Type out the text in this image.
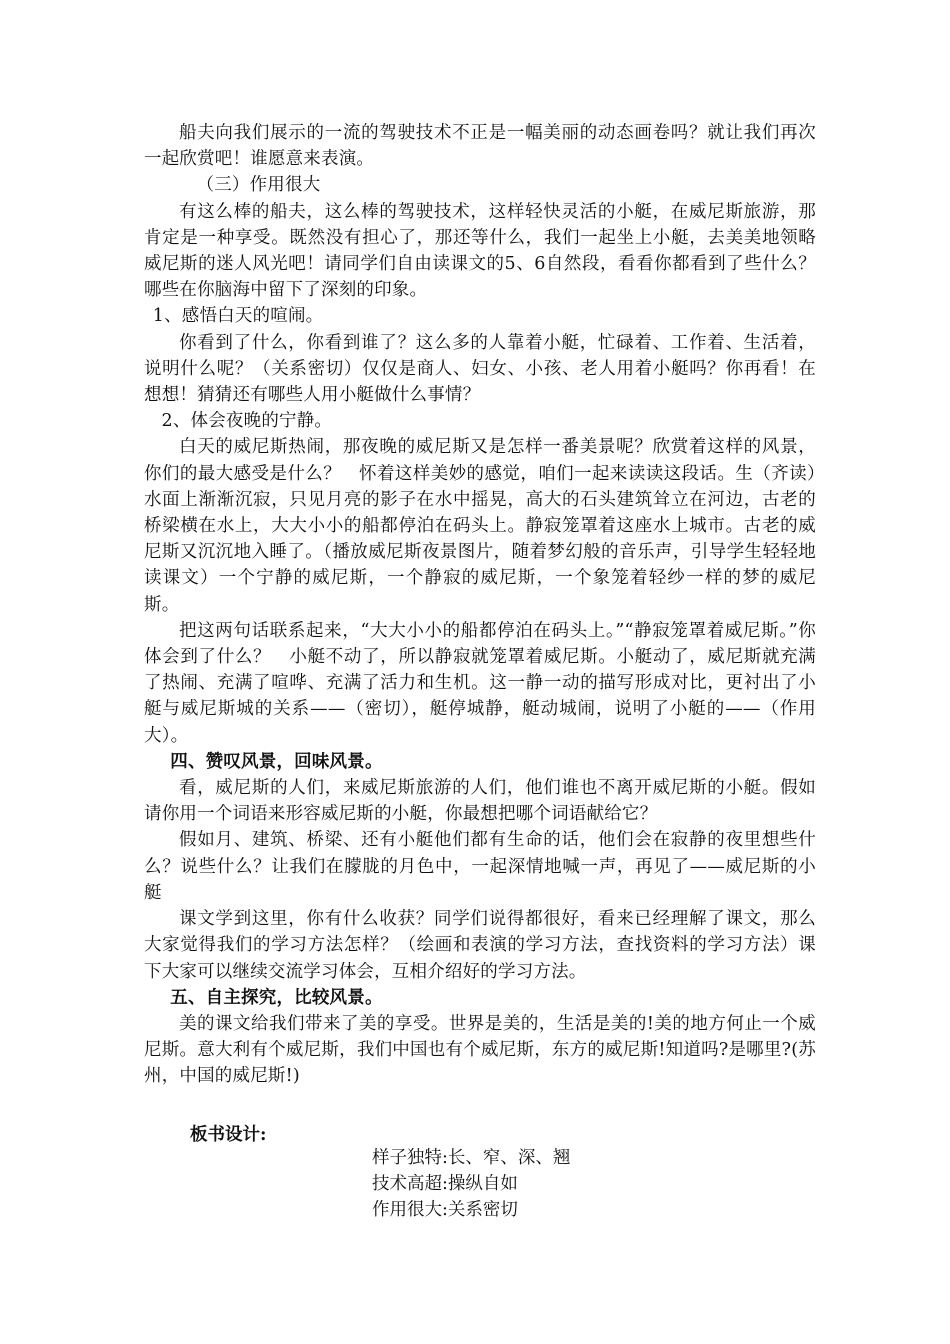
船夫向我们展示的一流的驾驶技术不正是一幅美丽的动态画卷吗？就让我们再次一起欣赏吧！谁愿意来表演。

（三）作用很大

有这么棒的船夫，这么棒的驾驶技术，这样轻快灵活的小艇，在威尼斯旅游，那肯定是一种享受。既然没有担心了，那还等什么，我们一起坐上小艇，去美美地领略威尼斯的迷人风光吧！请同学们自由读课文的5、6自然段，看看你都看到了些什么？哪些在你脑海中留下了深刻的印象。

1、感悟白天的喧闹。

你看到了什么，你看到谁了？这么多的人靠着小艇，忙碌着、工作着、生活着，说明什么呢？（关系密切）仅仅是商人、妇女、小孩、老人用着小艇吗？你再看！在想想！猜猜还有哪些人用小艇做什么事情？

2、体会夜晚的宁静。

白天的威尼斯热闹，那夜晚的威尼斯又是怎样一番美景呢？欣赏着这样的风景，你们的最大感受是什么？　怀着这样美妙的感觉，咱们一起来读读这段话。生（齐读）水面上渐渐沉寂，只见月亮的影子在水中摇晃，高大的石头建筑耸立在河边，古老的桥梁横在水上，大大小小的船都停泊在码头上。静寂笼罩着这座水上城市。古老的威尼斯又沉沉地入睡了。（播放威尼斯夜景图片，随着梦幻般的音乐声，引导学生轻轻地读课文）一个宁静的威尼斯，一个静寂的威尼斯，一个象笼着轻纱一样的梦的威尼斯。

把这两句话联系起来，“大大小小的船都停泊在码头上。”“静寂笼罩着威尼斯。”你体会到了什么？　小艇不动了，所以静寂就笼罩着威尼斯。小艇动了，威尼斯就充满了热闹、充满了喧哗、充满了活力和生机。这一静一动的描写形成对比，更衬出了小艇与威尼斯城的关系——（密切），艇停城静，艇动城闹，说明了小艇的——（作用大）。

四、赞叹风景，回味风景。

看，威尼斯的人们，来威尼斯旅游的人们，他们谁也不离开威尼斯的小艇。假如请你用一个词语来形容威尼斯的小艇，你最想把哪个词语献给它？

假如月、建筑、桥梁、还有小艇他们都有生命的话，他们会在寂静的夜里想些什么？说些什么？让我们在朦胧的月色中，一起深情地喊一声，再见了——威尼斯的小艇

课文学到这里，你有什么收获？同学们说得都很好，看来已经理解了课文，那么大家觉得我们的学习方法怎样？（绘画和表演的学习方法，查找资料的学习方法）课下大家可以继续交流学习体会，互相介绍好的学习方法。

五、自主探究，比较风景。

美的课文给我们带来了美的享受。世界是美的，生活是美的!美的地方何止一个威尼斯。意大利有个威尼斯，我们中国也有个威尼斯，东方的威尼斯!知道吗?是哪里?(苏州，中国的威尼斯!)

板书设计:
样子独特:长、窄、深、翘
技术高超:操纵自如
作用很大:关系密切
